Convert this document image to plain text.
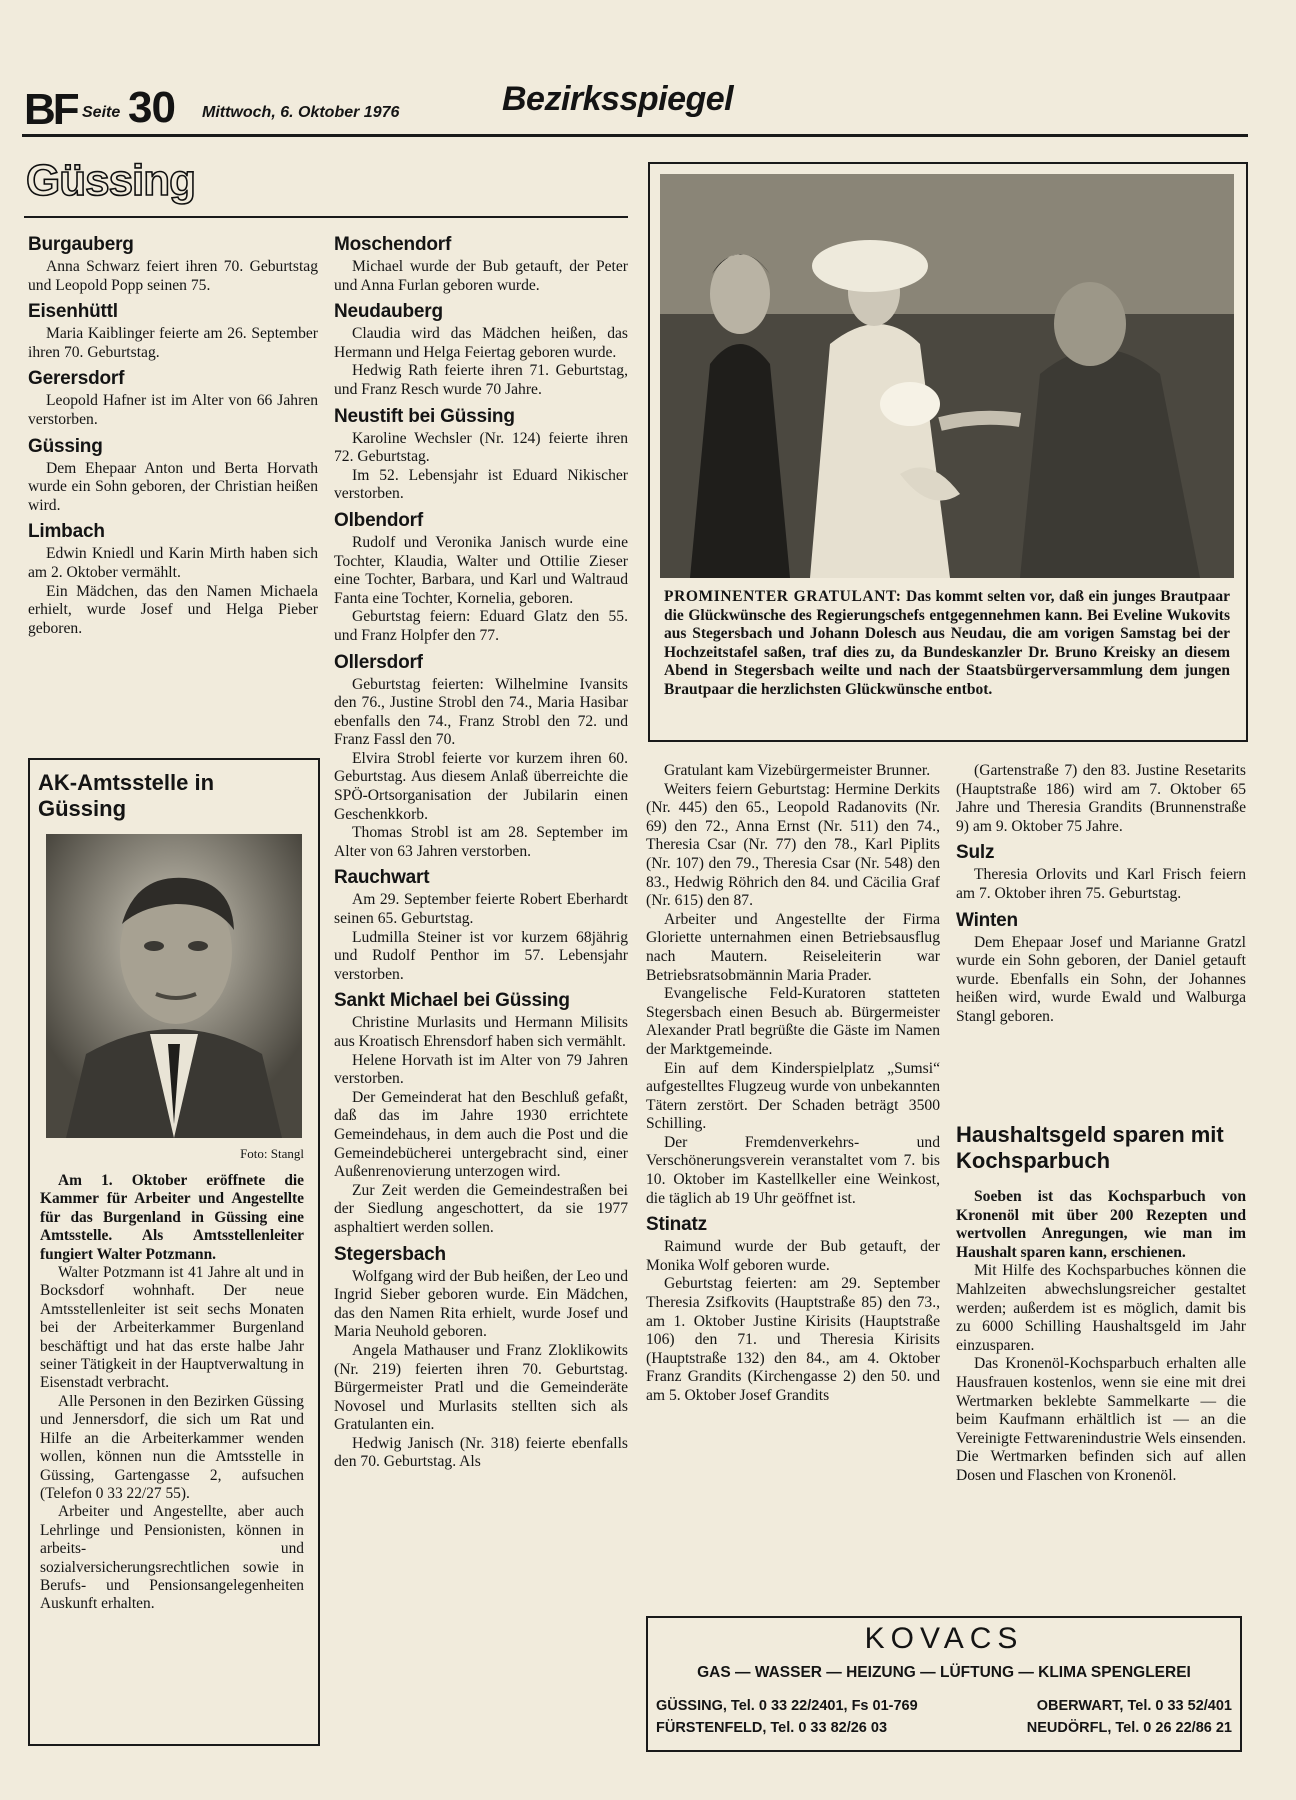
BF Seite 30 Mittwoch, 6. Oktober 1976	Bezirksspiegel
Güssing
Burgauberg

Anna Schwarz feiert ihren 70. Geburtstag und Leopold Popp seinen 75.

Eisenhüttl

Maria Kaiblinger feierte am 26. September ihren 70. Geburtstag.

Gerersdorf

Leopold Hafner ist im Alter von 66 Jahren verstorben.

Güssing

Dem Ehepaar Anton und Berta Horvath wurde ein Sohn geboren, der Christian heißen wird.

Limbach

Edwin Kniedl und Karin Mirth haben sich am 2. Oktober vermählt.

Ein Mädchen, das den Namen Michaela erhielt, wurde Josef und Helga Pieber geboren.

AK-Amtsstelle in Güssing
Foto: Stangl

Am 1. Oktober eröffnete die Kammer für Arbeiter und Angestellte für das Burgenland in Güssing eine Amtsstelle. Als Amtsstellenleiter fungiert Walter Potzmann.

Walter Potzmann ist 41 Jahre alt und in Bocksdorf wohnhaft. Der neue Amtsstellenleiter ist seit sechs Monaten bei der Arbeiterkammer Burgenland beschäftigt und hat das erste halbe Jahr seiner Tätigkeit in der Hauptverwaltung in Eisenstadt verbracht.

Alle Personen in den Bezirken Güssing und Jennersdorf, die sich um Rat und Hilfe an die Arbeiterkammer wenden wollen, können nun die Amtsstelle in Güssing, Gartengasse 2, aufsuchen (Telefon 0 33 22/27 55).

Arbeiter und Angestellte, aber auch Lehrlinge und Pensionisten, können in arbeits- und sozialversicherungsrechtlichen sowie in Berufs- und Pensionsangelegenheiten Auskunft erhalten.

Moschendorf

Michael wurde der Bub getauft, der Peter und Anna Furlan geboren wurde.

Neudauberg

Claudia wird das Mädchen heißen, das Hermann und Helga Feiertag geboren wurde.

Hedwig Rath feierte ihren 71. Geburtstag, und Franz Resch wurde 70 Jahre.

Neustift bei Güssing

Karoline Wechsler (Nr. 124) feierte ihren 72. Geburtstag.

Im 52. Lebensjahr ist Eduard Nikischer verstorben.

Olbendorf

Rudolf und Veronika Janisch wurde eine Tochter, Klaudia, Walter und Ottilie Zieser eine Tochter, Barbara, und Karl und Waltraud Fanta eine Tochter, Kornelia, geboren.

Geburtstag feiern: Eduard Glatz den 55. und Franz Holpfer den 77.

Ollersdorf

Geburtstag feierten: Wilhelmine Ivansits den 76., Justine Strobl den 74., Maria Hasibar ebenfalls den 74., Franz Strobl den 72. und Franz Fassl den 70.

Elvira Strobl feierte vor kurzem ihren 60. Geburtstag. Aus diesem Anlaß überreichte die SPÖ-Ortsorganisation der Jubilarin einen Geschenkkorb.

Thomas Strobl ist am 28. September im Alter von 63 Jahren verstorben.

Rauchwart

Am 29. September feierte Robert Eberhardt seinen 65. Geburtstag.

Ludmilla Steiner ist vor kurzem 68jährig und Rudolf Penthor im 57. Lebensjahr verstorben.

Sankt Michael bei Güssing

Christine Murlasits und Hermann Milisits aus Kroatisch Ehrensdorf haben sich vermählt.

Helene Horvath ist im Alter von 79 Jahren verstorben.

Der Gemeinderat hat den Beschluß gefaßt, daß das im Jahre 1930 errichtete Gemeindehaus, in dem auch die Post und die Gemeindebücherei untergebracht sind, einer Außenrenovierung unterzogen wird.

Zur Zeit werden die Gemeindestraßen bei der Siedlung angeschottert, da sie 1977 asphaltiert werden sollen.

Stegersbach

Wolfgang wird der Bub heißen, der Leo und Ingrid Sieber geboren wurde. Ein Mädchen, das den Namen Rita erhielt, wurde Josef und Maria Neuhold geboren.

Angela Mathauser und Franz Zloklikowits (Nr. 219) feierten ihren 70. Geburtstag. Bürgermeister Pratl und die Gemeinderäte Novosel und Murlasits stellten sich als Gratulanten ein.

Hedwig Janisch (Nr. 318) feierte ebenfalls den 70. Geburtstag. Als

PROMINENTER GRATULANT: Das kommt selten vor, daß ein junges Brautpaar die Glückwünsche des Regierungschefs entgegennehmen kann. Bei Eveline Wukovits aus Stegersbach und Johann Dolesch aus Neudau, die am vorigen Samstag bei der Hochzeitstafel saßen, traf dies zu, da Bundeskanzler Dr. Bruno Kreisky an diesem Abend in Stegersbach weilte und nach der Staatsbürgerversammlung dem jungen Brautpaar die herzlichsten Glückwünsche entbot.

Gratulant kam Vizebürgermeister Brunner.

Weiters feiern Geburtstag: Hermine Derkits (Nr. 445) den 65., Leopold Radanovits (Nr. 69) den 72., Anna Ernst (Nr. 511) den 74., Theresia Csar (Nr. 77) den 78., Karl Piplits (Nr. 107) den 79., Theresia Csar (Nr. 548) den 83., Hedwig Röhrich den 84. und Cäcilia Graf (Nr. 615) den 87.

Arbeiter und Angestellte der Firma Gloriette unternahmen einen Betriebsausflug nach Mautern. Reiseleiterin war Betriebsratsobmännin Maria Prader.

Evangelische Feld-Kuratoren statteten Stegersbach einen Besuch ab. Bürgermeister Alexander Pratl begrüßte die Gäste im Namen der Marktgemeinde.

Ein auf dem Kinderspielplatz „Sumsi“ aufgestelltes Flugzeug wurde von unbekannten Tätern zerstört. Der Schaden beträgt 3500 Schilling.

Der Fremdenverkehrs- und Verschönerungsverein veranstaltet vom 7. bis 10. Oktober im Kastellkeller eine Weinkost, die täglich ab 19 Uhr geöffnet ist.

Stinatz

Raimund wurde der Bub getauft, der Monika Wolf geboren wurde.

Geburtstag feierten: am 29. September Theresia Zsifkovits (Hauptstraße 85) den 73., am 1. Oktober Justine Kirisits (Hauptstraße 106) den 71. und Theresia Kirisits (Hauptstraße 132) den 84., am 4. Oktober Franz Grandits (Kirchengasse 2) den 50. und am 5. Oktober Josef Grandits

(Gartenstraße 7) den 83. Justine Resetarits (Hauptstraße 186) wird am 7. Oktober 65 Jahre und Theresia Grandits (Brunnenstraße 9) am 9. Oktober 75 Jahre.

Sulz

Theresia Orlovits und Karl Frisch feiern am 7. Oktober ihren 75. Geburtstag.

Winten

Dem Ehepaar Josef und Marianne Gratzl wurde ein Sohn geboren, der Daniel getauft wurde. Ebenfalls ein Sohn, der Johannes heißen wird, wurde Ewald und Walburga Stangl geboren.

Haushaltsgeld sparen mit Kochsparbuch

Soeben ist das Kochsparbuch von Kronenöl mit über 200 Rezepten und wertvollen Anregungen, wie man im Haushalt sparen kann, erschienen.

Mit Hilfe des Kochsparbuches können die Mahlzeiten abwechslungsreicher gestaltet werden; außerdem ist es möglich, damit bis zu 6000 Schilling Haushaltsgeld im Jahr einzusparen.

Das Kronenöl-Kochsparbuch erhalten alle Hausfrauen kostenlos, wenn sie eine mit drei Wertmarken beklebte Sammelkarte — die beim Kaufmann erhältlich ist — an die Vereinigte Fettwarenindustrie Wels einsenden. Die Wertmarken befinden sich auf allen Dosen und Flaschen von Kronenöl.

KOVACS
GAS — WASSER — HEIZUNG — LÜFTUNG — KLIMA SPENGLEREI
GÜSSING, Tel. 0 33 22/2401, Fs 01-769	OBERWART, Tel. 0 33 52/401
FÜRSTENFELD, Tel. 0 33 82/26 03	NEUDÖRFL, Tel. 0 26 22/86 21
